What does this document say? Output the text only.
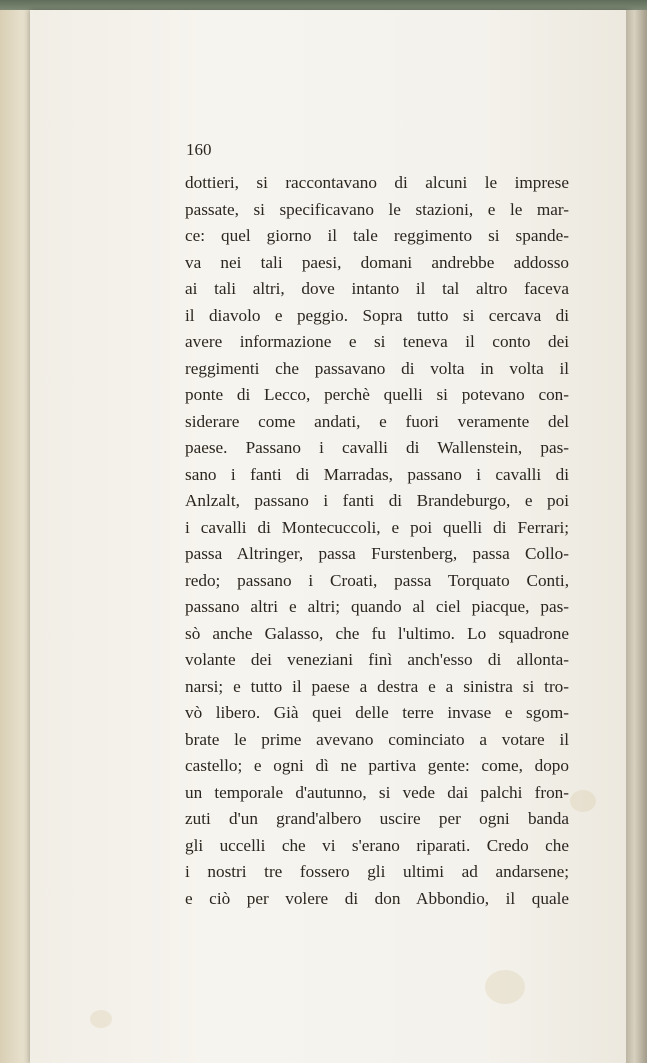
160
dottieri, si raccontavano di alcuni le imprese
passate, si specificavano le stazioni, e le mar-
ce: quel giorno il tale reggimento si spande-
va nei tali paesi, domani andrebbe addosso
ai tali altri, dove intanto il tal altro faceva
il diavolo e peggio. Sopra tutto si cercava di
avere informazione e si teneva il conto dei
reggimenti che passavano di volta in volta il
ponte di Lecco, perchè quelli si potevano con-
siderare come andati, e fuori veramente del
paese. Passano i cavalli di Wallenstein, pas-
sano i fanti di Marradas, passano i cavalli di
Anlzalt, passano i fanti di Brandeburgo, e poi
i cavalli di Montecuccoli, e poi quelli di Ferrari;
passa Altringer, passa Furstenberg, passa Collo-
redo; passano i Croati, passa Torquato Conti,
passano altri e altri; quando al ciel piacque, pas-
sò anche Galasso, che fu l'ultimo. Lo squadrone
volante dei veneziani finì anch'esso di allonta-
narsi; e tutto il paese a destra e a sinistra si tro-
vò libero. Già quei delle terre invase e sgom-
brate le prime avevano cominciato a votare il
castello; e ogni dì ne partiva gente: come, dopo
un temporale d'autunno, si vede dai palchi fron-
zuti d'un grand'albero uscire per ogni banda
gli uccelli che vi s'erano riparati. Credo che
i nostri tre fossero gli ultimi ad andarsene;
e ciò per volere di don Abbondio, il quale
